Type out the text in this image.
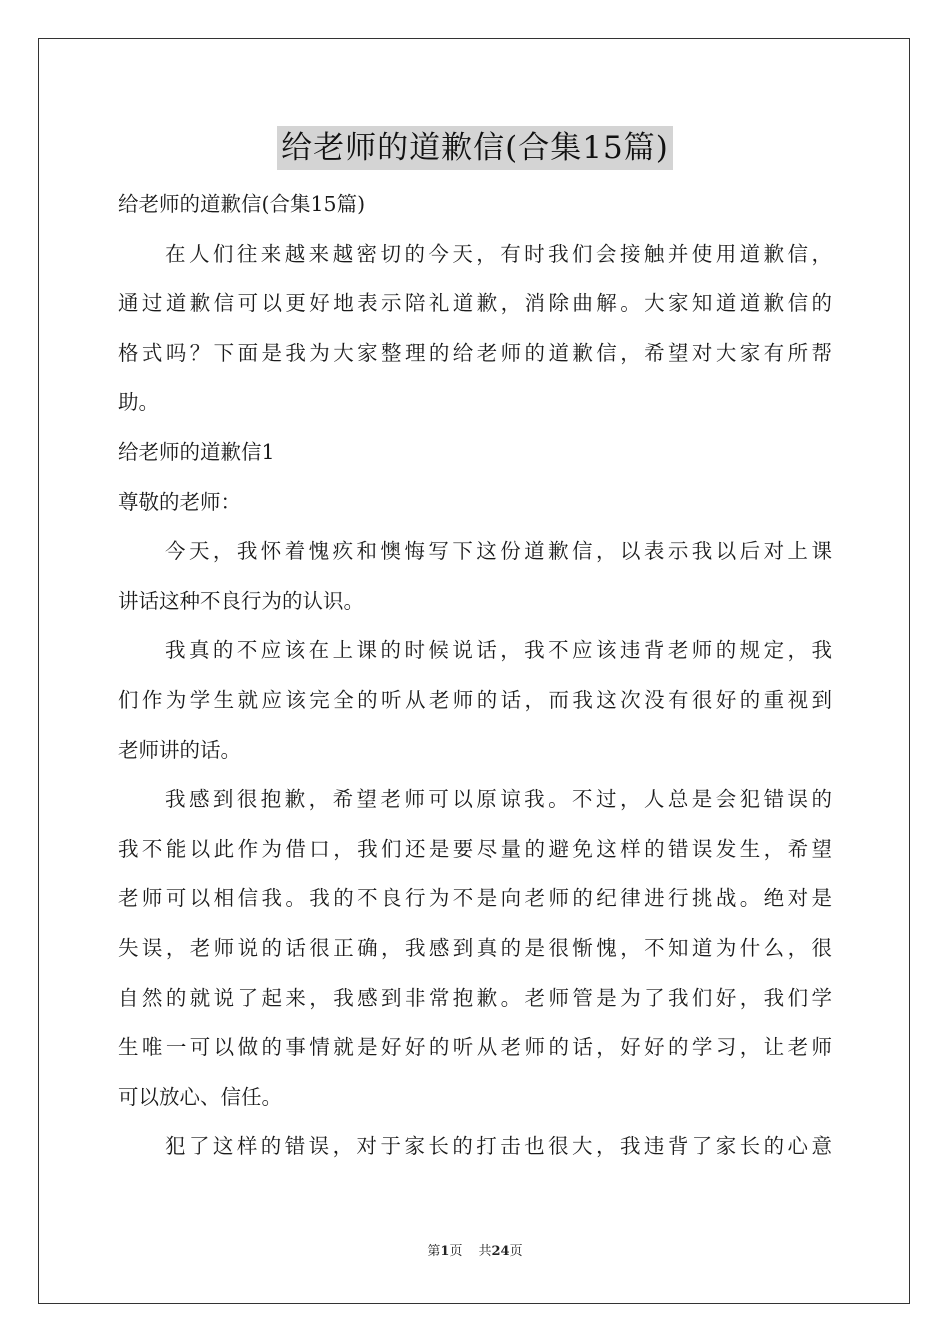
给老师的道歉信(合集15篇)

给老师的道歉信(合集15篇)

在人们往来越来越密切的今天，有时我们会接触并使用道歉信，

通过道歉信可以更好地表示陪礼道歉，消除曲解。大家知道道歉信的

格式吗？下面是我为大家整理的给老师的道歉信，希望对大家有所帮

助。

给老师的道歉信1

尊敬的老师：

今天，我怀着愧疚和懊悔写下这份道歉信，以表示我以后对上课

讲话这种不良行为的认识。

我真的不应该在上课的时候说话，我不应该违背老师的规定，我

们作为学生就应该完全的听从老师的话，而我这次没有很好的重视到

老师讲的话。

我感到很抱歉，希望老师可以原谅我。不过，人总是会犯错误的

我不能以此作为借口，我们还是要尽量的避免这样的错误发生，希望

老师可以相信我。我的不良行为不是向老师的纪律进行挑战。绝对是

失误，老师说的话很正确，我感到真的是很惭愧，不知道为什么，很

自然的就说了起来，我感到非常抱歉。老师管是为了我们好，我们学

生唯一可以做的事情就是好好的听从老师的话，好好的学习，让老师

可以放心、信任。

犯了这样的错误，对于家长的打击也很大，我违背了家长的心意

第1页 共24页
